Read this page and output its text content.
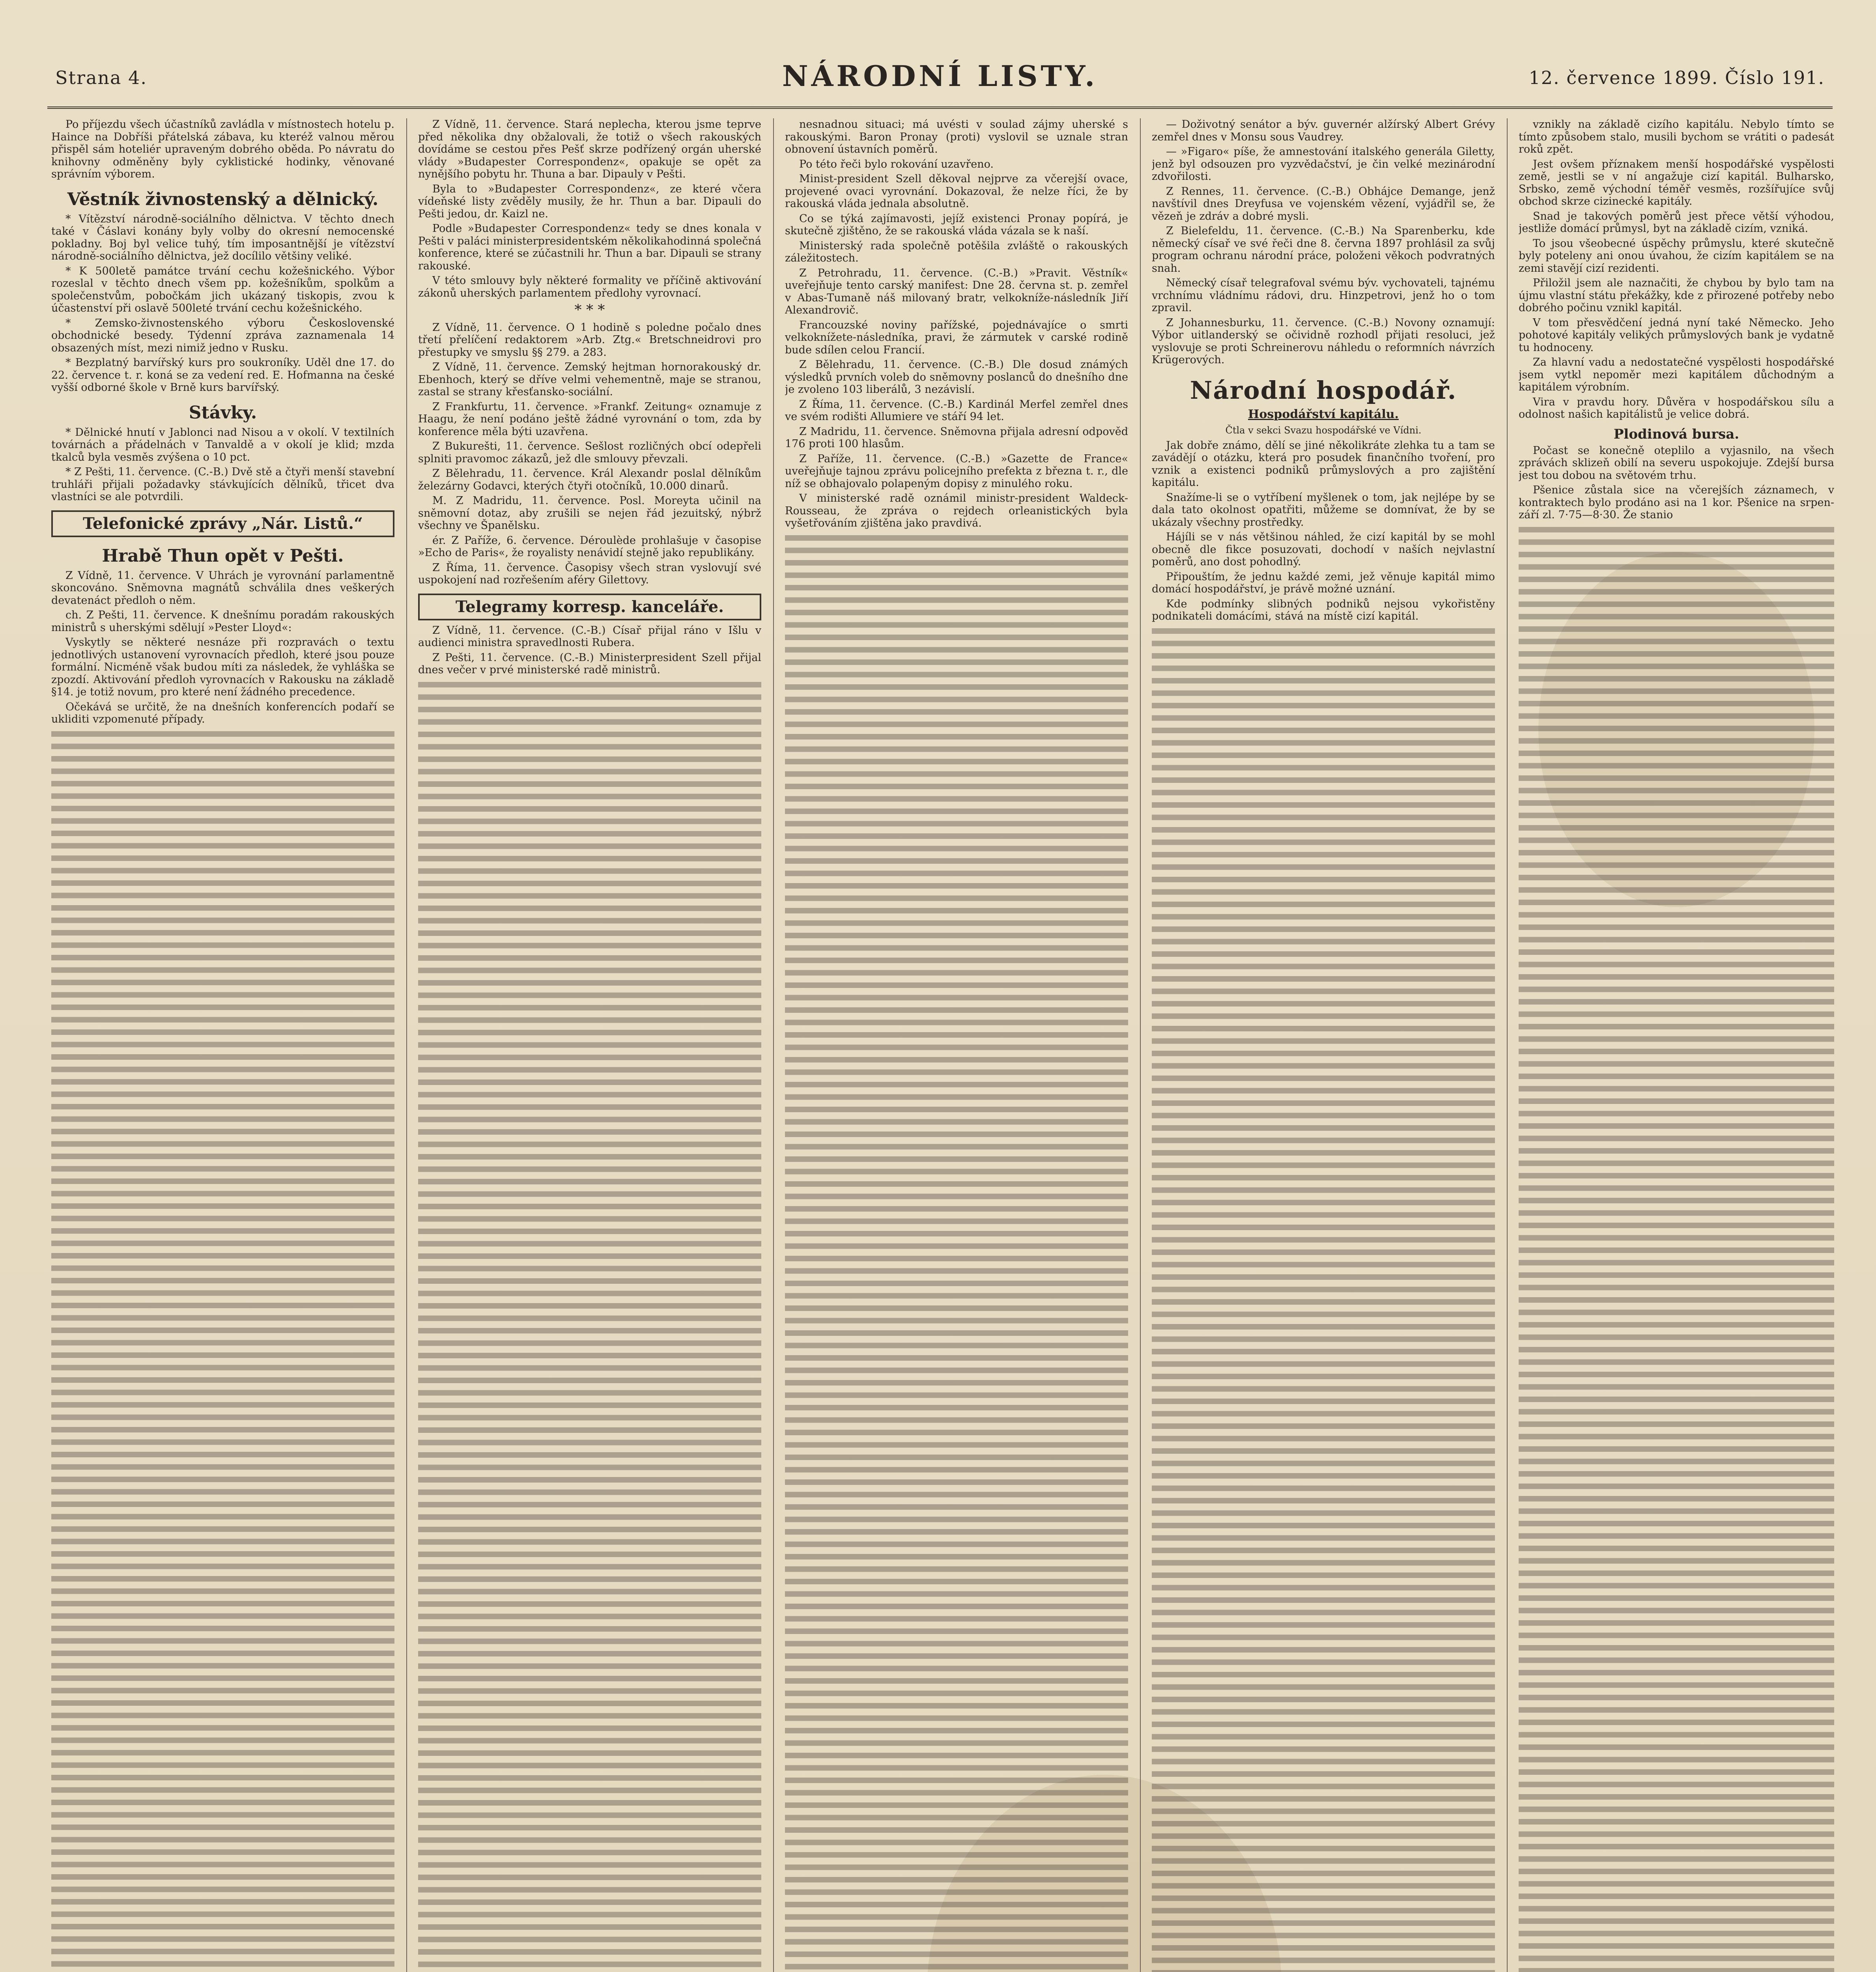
Strana 4.	NÁRODNÍ LISTY.	12. července 1899. Číslo 191.

Po příjezdu všech účastníků zavládla v místnostech hotelu p. Haince na Dobříši přátelská zábava, ku kteréž valnou měrou přispěl sám hoteliér upraveným dobrého oběda. Po návratu do knihovny odměněny byly cyklistické hodinky, věnované správním výborem.

Věstník živnostenský a dělnický.

* Vítězství národně-sociálního dělnictva. V těchto dnech také v Čáslavi konány byly volby do okresní nemocenské pokladny. Boj byl velice tuhý, tím imposantnější je vítězství národně-sociálního dělnictva, jež docílilo většiny veliké.

* K 500letě památce trvání cechu kožešnického. Výbor rozeslal v těchto dnech všem pp. kožešníkům, spolkům a společenstvům, pobočkám jich ukázaný tiskopis, zvou k účastenství při oslavě 500leté trvání cechu kožešnického.

* Zemsko-živnostenského výboru Československé obchodnické besedy. Týdenní zpráva zaznamenala 14 obsazených míst, mezi nimiž jedno v Rusku.

* Bezplatný barvířský kurs pro soukroníky. Uděl dne 17. do 22. července t. r. koná se za vedení red. E. Hofmanna na české vyšší odborné škole v Brně kurs barvířský.

Stávky.

* Dělnické hnutí v Jablonci nad Nisou a v okolí. V textilních továrnách a přádelnách v Tanvaldě a v okolí je klid; mzda tkalců byla vesměs zvýšena o 10 pct.

* Z Pešti, 11. července. (C.-B.) Dvě stě a čtyři menší stavební truhláři přijali požadavky stávkujících dělníků, třicet dva vlastníci se ale potvrdili.

Telefonické zprávy „Nár. Listů.“
Hrabě Thun opět v Pešti.

Z Vídně, 11. července. V Uhrách je vyrovnání parlamentně skoncováno. Sněmovna magnátů schválila dnes veškerých devatenáct předloh o něm.

ch. Z Pešti, 11. července. K dnešnímu poradám rakouských ministrů s uherskými sdělují »Pester Lloyd«:

Vyskytly se některé nesnáze při rozpravách o textu jednotlivých ustanovení vyrovnacích předloh, které jsou pouze formální. Nicméně však budou míti za následek, že vyhláška se zpozdí. Aktivování předloh vyrovnacích v Rakousku na základě §14. je totiž novum, pro které není žádného precedence.

Očekává se určitě, že na dnešních konferencích podaří se ukliditi vzpomenuté případy.

Z Vídně, 11. července. Stará neplecha, kterou jsme teprve před několika dny obžalovali, že totiž o všech rakouských dovídáme se cestou přes Pešť skrze podřízený orgán uherské vlády »Budapester Correspondenz«, opakuje se opět za nynějšího pobytu hr. Thuna a bar. Dipauly v Pešti.

Byla to »Budapester Correspondenz«, ze které včera vídeňské listy zvěděly musily, že hr. Thun a bar. Dipauli do Pešti jedou, dr. Kaizl ne.

Podle »Budapester Correspondenz« tedy se dnes konala v Pešti v paláci ministerpresidentském několikahodinná společná konference, které se zúčastnili hr. Thun a bar. Dipauli se strany rakouské.

V této smlouvy byly některé formality ve příčině aktivování zákonů uherských parlamentem předlohy vyrovnací.

* * *

Z Vídně, 11. července. O 1 hodině s poledne počalo dnes třetí přelíčení redaktorem »Arb. Ztg.« Bretschneidrovi pro přestupky ve smyslu §§ 279. a 283.

Z Vídně, 11. července. Zemský hejtman hornorakouský dr. Ebenhoch, který se dříve velmi vehementně, maje se stranou, zastal se strany křesťansko-sociální.

Z Frankfurtu, 11. července. »Frankf. Zeitung« oznamuje z Haagu, že není podáno ještě žádné vyrovnání o tom, zda by konference měla býti uzavřena.

Z Bukurešti, 11. července. Sešlost rozličných obcí odepřeli splniti pravomoc zákazů, jež dle smlouvy převzali.

Z Bělehradu, 11. července. Král Alexandr poslal dělníkům železárny Godavci, kterých čtyři otočníků, 10.000 dinarů.

M. Z Madridu, 11. července. Posl. Moreyta učinil na sněmovní dotaz, aby zrušili se nejen řád jezuitský, nýbrž všechny ve Španělsku.

ér. Z Paříže, 6. července. Déroulède prohlašuje v časopise »Echo de Paris«, že royalisty nenávidí stejně jako republikány.

Z Říma, 11. července. Časopisy všech stran vyslovují své uspokojení nad rozřešením aféry Gilettovy.

Telegramy korresp. kanceláře.

Z Vídně, 11. července. (C.-B.) Císař přijal ráno v Išlu v audienci ministra spravedlnosti Rubera.

Z Pešti, 11. července. (C.-B.) Ministerpresident Szell přijal dnes večer v prvé ministerské radě ministrů.

nesnadnou situaci; má uvésti v soulad zájmy uherské s rakouskými. Baron Pronay (proti) vyslovil se uznale stran obnovení ústavních poměrů.

Po této řeči bylo rokování uzavřeno.

Minist-president Szell děkoval nejprve za včerejší ovace, projevené ovaci vyrovnání. Dokazoval, že nelze říci, že by rakouská vláda jednala absolutně.

Co se týká zajímavosti, jejíž existenci Pronay popírá, je skutečně zjištěno, že se rakouská vláda vázala se k naší.

Ministerský rada společně potěšila zvláště o rakouských záležitostech.

Z Petrohradu, 11. července. (C.-B.) »Pravit. Věstník« uveřejňuje tento carský manifest: Dne 28. června st. p. zemřel v Abas-Tumaně náš milovaný bratr, velkokníže-následník Jiří Alexandrovič.

Francouzské noviny pařížské, pojednávajíce o smrti velkoknížete-následníka, pravi, že zármutek v carské rodině bude sdílen celou Francií.

Z Bělehradu, 11. července. (C.-B.) Dle dosud známých výsledků prvních voleb do sněmovny poslanců do dnešního dne je zvoleno 103 liberálů, 3 nezávislí.

Z Říma, 11. července. (C.-B.) Kardinál Merfel zemřel dnes ve svém rodišti Allumiere ve stáří 94 let.

Z Madridu, 11. července. Sněmovna přijala adresní odpověď 176 proti 100 hlasům.

Z Paříže, 11. července. (C.-B.) »Gazette de France« uveřejňuje tajnou zprávu policejního prefekta z března t. r., dle níž se obhajovalo polapeným dopisy z minulého roku.

V ministerské radě oznámil ministr-president Waldeck-Rousseau, že zpráva o rejdech orleanistických byla vyšetřováním zjištěna jako pravdivá.

— Doživotný senátor a býv. guvernér alžírský Albert Grévy zemřel dnes v Monsu sous Vaudrey.

— »Figaro« píše, že amnestování italského generála Giletty, jenž byl odsouzen pro vyzvědačství, je čin velké mezinárodní zdvořilosti.

Z Rennes, 11. července. (C.-B.) Obhájce Demange, jenž navštívil dnes Dreyfusa ve vojenském vězení, vyjádřil se, že vězeň je zdráv a dobré mysli.

Z Bielefeldu, 11. července. (C.-B.) Na Sparenberku, kde německý císař ve své řeči dne 8. června 1897 prohlásil za svůj program ochranu národní práce, položeni věkoch podvratných snah.

Německý císař telegrafoval svému býv. vychovateli, tajnému vrchnímu vládnímu rádovi, dru. Hinzpetrovi, jenž ho o tom zpravil.

Z Johannesburku, 11. července. (C.-B.) Novony oznamují: Výbor uitlanderský se očividně rozhodl přijati resoluci, jež vyslovuje se proti Schreinerovu náhledu o reformních návrzích Krügerových.

Národní hospodář.
Hospodářství kapitálu.

Čtla v sekci Svazu hospodářské ve Vídni.

Jak dobře známo, dělí se jiné několikráte zlehka tu a tam se zavádějí o otázku, která pro posudek finančního tvoření, pro vznik a existenci podniků průmyslových a pro zajištění kapitálu.

Snažíme-li se o vytříbení myšlenek o tom, jak nejlépe by se dala tato okolnost opatřiti, můžeme se domnívat, že by se ukázaly všechny prostředky.

Hájíli se v nás většinou náhled, že cizí kapitál by se mohl obecně dle fikce posuzovati, dochodí v naších nejvlastní poměrů, ano dost pohodlný.

Připouštím, že jednu každé zemi, jež věnuje kapitál mimo domácí hospodářství, je právě možné uznání.

Kde podmínky slibných podniků nejsou vykořistěny podnikateli domácími, stává na místě cizí kapitál.

vznikly na základě cizího kapitálu. Nebylo tímto se tímto způsobem stalo, musili bychom se vrátiti o padesát roků zpět.

Jest ovšem příznakem menší hospodářské vyspělosti země, jestli se v ní angažuje cizí kapitál. Bulharsko, Srbsko, země východní téměř vesměs, rozšířujíce svůj obchod skrze cizinecké kapitály.

Snad je takových poměrů jest přece větší výhodou, jestliže domácí průmysl, byt na základě cizím, vzniká.

To jsou všeobecné úspěchy průmyslu, které skutečně byly poteleny ani onou úvahou, že cizím kapitálem se na zemi stavějí cizí rezidenti.

Přiložil jsem ale naznačiti, že chybou by bylo tam na újmu vlastní státu překážky, kde z přirozené potřeby nebo dobrého počinu vznikl kapitál.

V tom přesvědčení jedná nyní také Německo. Jeho pohotové kapitály velikých průmyslových bank je vydatně tu hodnoceny.

Za hlavní vadu a nedostatečné vyspělosti hospodářské jsem vytkl nepoměr mezi kapitálem důchodným a kapitálem výrobním.

Vira v pravdu hory. Důvěra v hospodářskou sílu a odolnost našich kapitálistů je velice dobrá.

Plodinová bursa.

Počast se konečně oteplilo a vyjasnilo, na všech zprávách sklizeň obilí na severu uspokojuje. Zdejší bursa jest tou dobou na světovém trhu.

Pšenice zůstala sice na včerejších záznamech, v kontraktech bylo prodáno asi na 1 kor. Pšenice na srpen-září zl. 7·75—8·30. Že stanio
